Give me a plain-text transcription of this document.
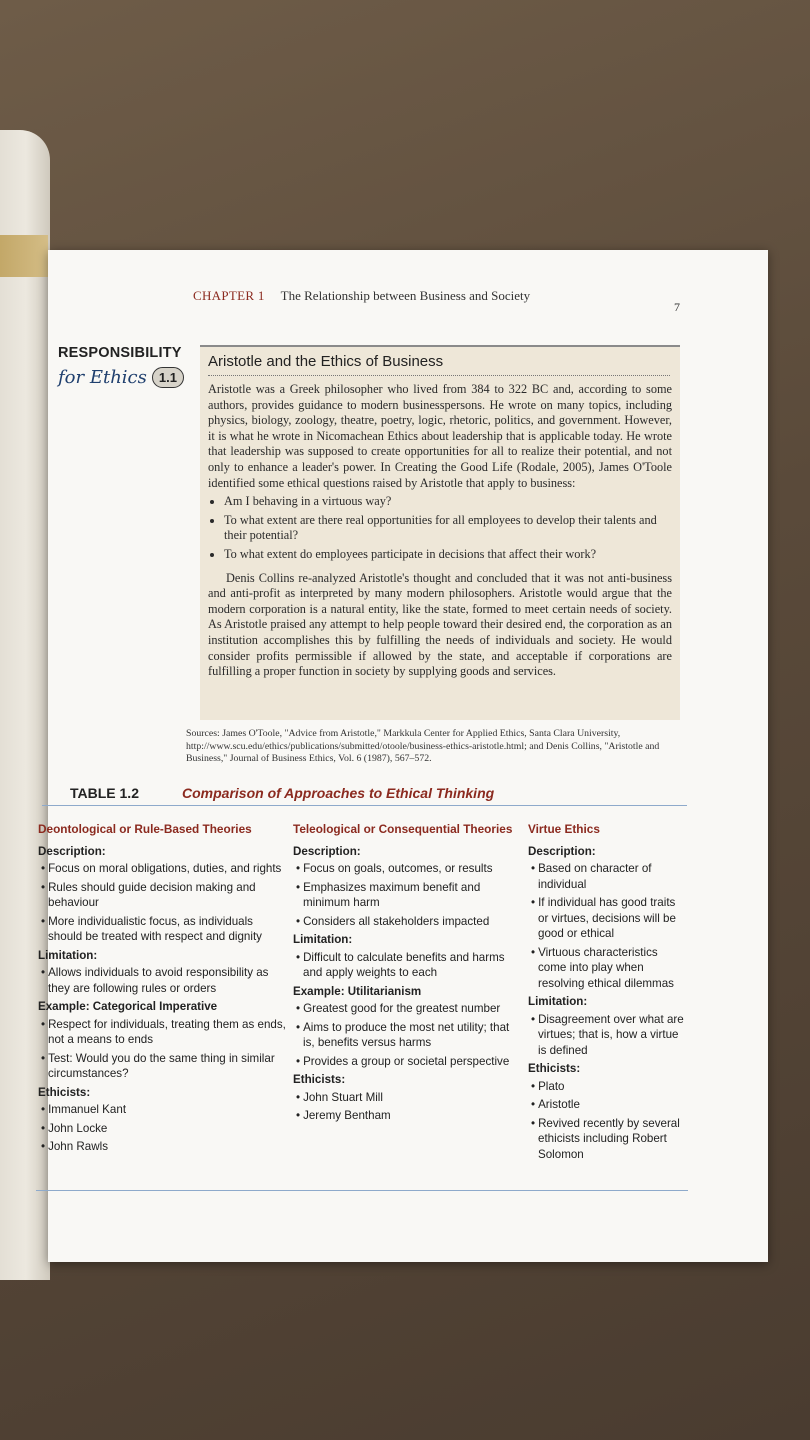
CHAPTER 1 The Relationship between Business and Society
7
RESPONSIBILITY
for Ethics 1.1
Aristotle and the Ethics of Business

Aristotle was a Greek philosopher who lived from 384 to 322 BC and, according to some authors, provides guidance to modern businesspersons. He wrote on many topics, including physics, biology, zoology, theatre, poetry, logic, rhetoric, politics, and government. However, it is what he wrote in Nicomachean Ethics about leadership that is applicable today. He wrote that leadership was supposed to create opportunities for all to realize their potential, and not only to enhance a leader's power. In Creating the Good Life (Rodale, 2005), James O'Toole identified some ethical questions raised by Aristotle that apply to business:

• Am I behaving in a virtuous way?
• To what extent are there real opportunities for all employees to develop their talents and their potential?
• To what extent do employees participate in decisions that affect their work?

Denis Collins re-analyzed Aristotle's thought and concluded that it was not anti-business and anti-profit as interpreted by many modern philosophers. Aristotle would argue that the modern corporation is a natural entity, like the state, formed to meet certain needs of society. As Aristotle praised any attempt to help people toward their desired end, the corporation as an institution accomplishes this by fulfilling the needs of individuals and society. He would consider profits permissible if allowed by the state, and acceptable if corporations are fulfilling a proper function in society by supplying goods and services.

Sources: James O'Toole, "Advice from Aristotle," Markkula Center for Applied Ethics, Santa Clara University, http://www.scu.edu/ethics/publications/submitted/otoole/business-ethics-aristotle.html; and Denis Collins, "Aristotle and Business," Journal of Business Ethics, Vol. 6 (1987), 567–572.
TABLE 1.2	Comparison of Approaches to Ethical Thinking
Deontological or Rule-Based Theories
Description:
• Focus on moral obligations, duties, and rights
• Rules should guide decision making and behaviour
• More individualistic focus, as individuals should be treated with respect and dignity
Limitation:
• Allows individuals to avoid responsibility as they are following rules or orders
Example: Categorical Imperative
• Respect for individuals, treating them as ends, not a means to ends
• Test: Would you do the same thing in similar circumstances?
Ethicists:
• Immanuel Kant
• John Locke
• John Rawls
Teleological or Consequential Theories
Description:
• Focus on goals, outcomes, or results
• Emphasizes maximum benefit and minimum harm
• Considers all stakeholders impacted
Limitation:
• Difficult to calculate benefits and harms and apply weights to each
Example: Utilitarianism
• Greatest good for the greatest number
• Aims to produce the most net utility; that is, benefits versus harms
• Provides a group or societal perspective
Ethicists:
• John Stuart Mill
• Jeremy Bentham
Virtue Ethics
Description:
• Based on character of individual
• If individual has good traits or virtues, decisions will be good or ethical
• Virtuous characteristics come into play when resolving ethical dilemmas
Limitation:
• Disagreement over what are virtues; that is, how a virtue is defined
Ethicists:
• Plato
• Aristotle
• Revived recently by several ethicists including Robert Solomon
